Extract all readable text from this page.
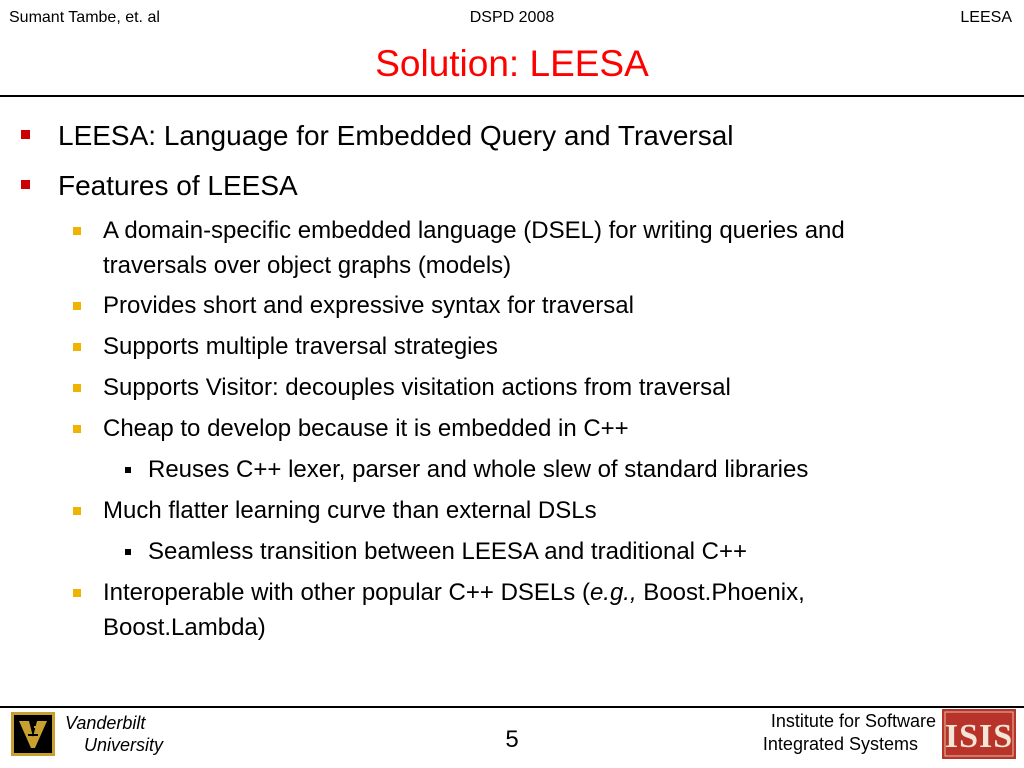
Sumant Tambe, et. al	DSPD 2008	LEESA
Solution: LEESA
LEESA: Language for Embedded Query and Traversal
Features of LEESA
A domain-specific embedded language (DSEL) for writing queries and
traversals over object graphs (models)
Provides short and expressive syntax for traversal
Supports multiple traversal strategies
Supports Visitor: decouples visitation actions from traversal
Cheap to develop because it is embedded in C++
Reuses C++ lexer, parser and whole slew of standard libraries
Much flatter learning curve than external DSLs
Seamless transition between LEESA and traditional C++
Interoperable with other popular C++ DSELs (e.g., Boost.Phoenix,
Boost.Lambda)
Vanderbilt
University	5
Institute for Software
Integrated Systems ISIS
